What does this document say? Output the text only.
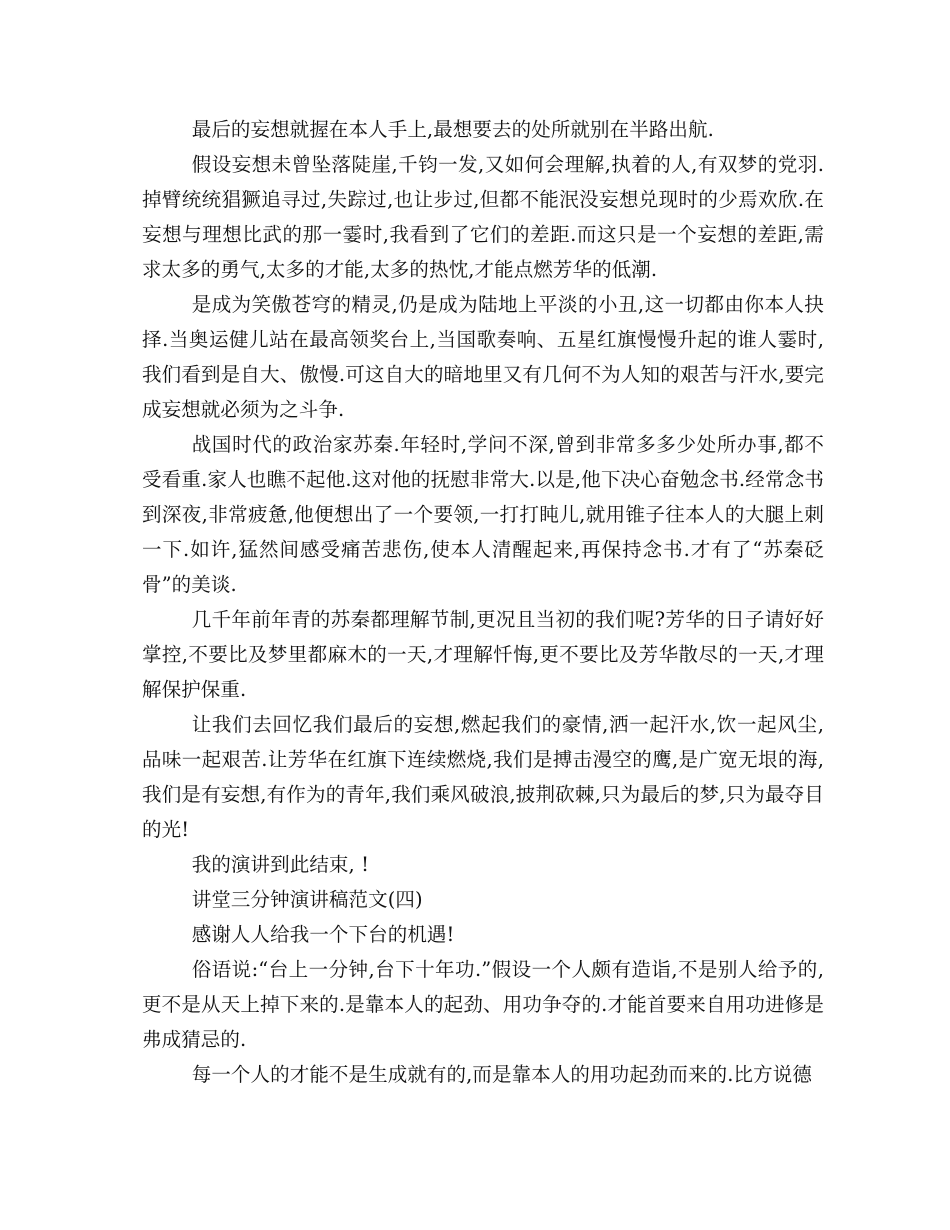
最后的妄想就握在本人手上,最想要去的处所就别在半路出航.

假设妄想未曾坠落陡崖,千钧一发,又如何会理解,执着的人,有双梦的党羽.掉臂统统猖獗追寻过,失踪过,也让步过,但都不能泯没妄想兑现时的少焉欢欣.在妄想与理想比武的那一霎时,我看到了它们的差距.而这只是一个妄想的差距,需求太多的勇气,太多的才能,太多的热忱,才能点燃芳华的低潮.

是成为笑傲苍穹的精灵,仍是成为陆地上平淡的小丑,这一切都由你本人抉择.当奥运健儿站在最高领奖台上,当国歌奏响、五星红旗慢慢升起的谁人霎时,我们看到是自大、傲慢.可这自大的暗地里又有几何不为人知的艰苦与汗水,要完成妄想就必须为之斗争.

战国时代的政治家苏秦.年轻时,学问不深,曾到非常多多少处所办事,都不受看重.家人也瞧不起他.这对他的抚慰非常大.以是,他下决心奋勉念书.经常念书到深夜,非常疲惫,他便想出了一个要领,一打打盹儿,就用锥子往本人的大腿上刺一下.如许,猛然间感受痛苦悲伤,使本人清醒起来,再保持念书.才有了“苏秦砭骨”的美谈.

几千年前年青的苏秦都理解节制,更况且当初的我们呢?芳华的日子请好好掌控,不要比及梦里都麻木的一天,才理解忏悔,更不要比及芳华散尽的一天,才理解保护保重.

让我们去回忆我们最后的妄想,燃起我们的豪情,洒一起汗水,饮一起风尘,品味一起艰苦.让芳华在红旗下连续燃烧,我们是搏击漫空的鹰,是广宽无垠的海,我们是有妄想,有作为的青年,我们乘风破浪,披荆砍棘,只为最后的梦,只为最夺目的光!

我的演讲到此结束, !

讲堂三分钟演讲稿范文(四)

感谢人人给我一个下台的机遇!

俗语说:“台上一分钟,台下十年功.”假设一个人颇有造诣,不是别人给予的,更不是从天上掉下来的.是靠本人的起劲、用功争夺的.才能首要来自用功进修是弗成猜忌的.

每一个人的才能不是生成就有的,而是靠本人的用功起劲而来的.比方说德
